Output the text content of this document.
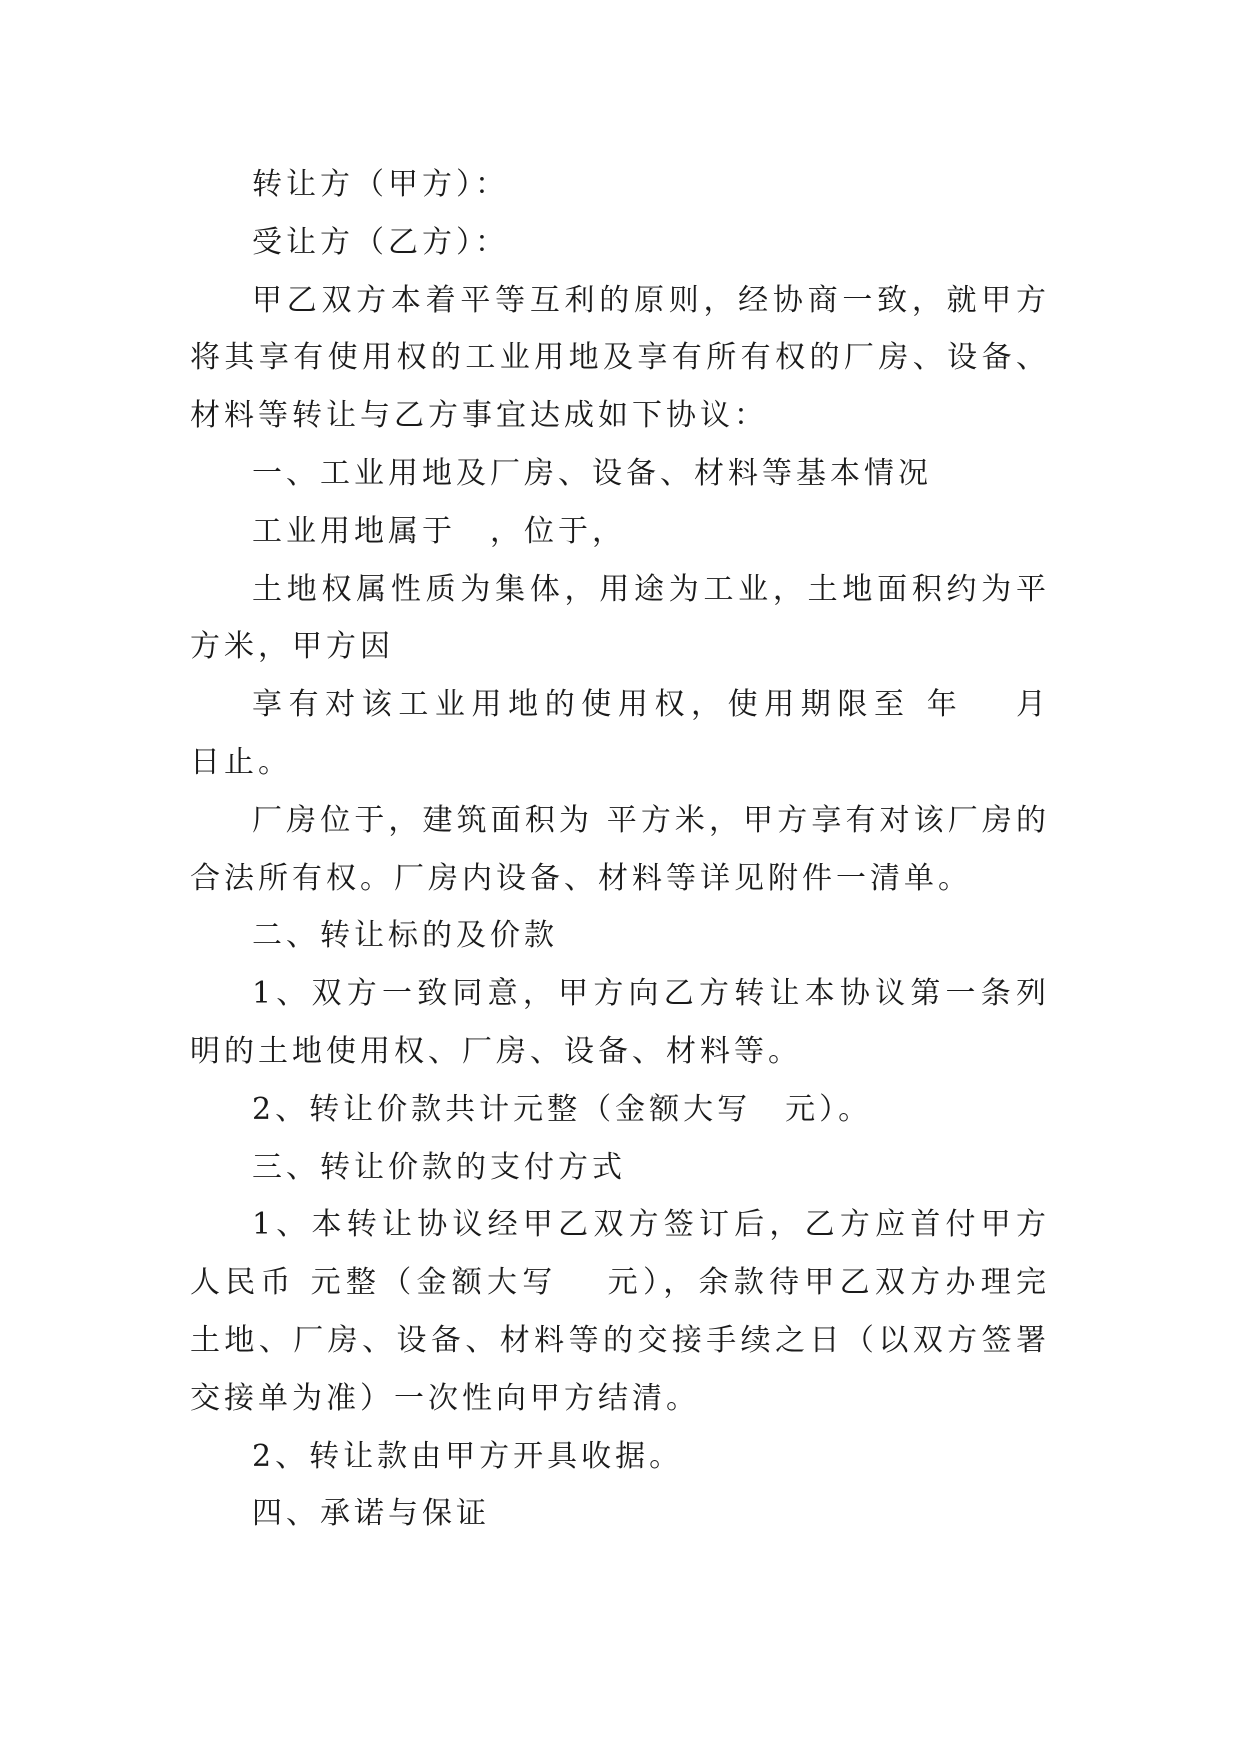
转让方（甲方）：

受让方（乙方）：

甲乙双方本着平等互利的原则，经协商一致，就甲方将其享有使用权的工业用地及享有所有权的厂房、设备、材料等转让与乙方事宜达成如下协议：

一、工业用地及厂房、设备、材料等基本情况

工业用地属于　，位于，

土地权属性质为集体，用途为工业，土地面积约为平方米，甲方因

享有对该工业用地的使用权，使用期限至 年　 月　 日止。

厂房位于，建筑面积为 平方米，甲方享有对该厂房的合法所有权。厂房内设备、材料等详见附件一清单。

二、转让标的及价款

1、双方一致同意，甲方向乙方转让本协议第一条列明的土地使用权、厂房、设备、材料等。

2、转让价款共计元整（金额大写　元）。

三、转让价款的支付方式

1、本转让协议经甲乙双方签订后，乙方应首付甲方人民币 元整（金额大写　 元），余款待甲乙双方办理完土地、厂房、设备、材料等的交接手续之日（以双方签署交接单为准）一次性向甲方结清。

2、转让款由甲方开具收据。

四、承诺与保证
